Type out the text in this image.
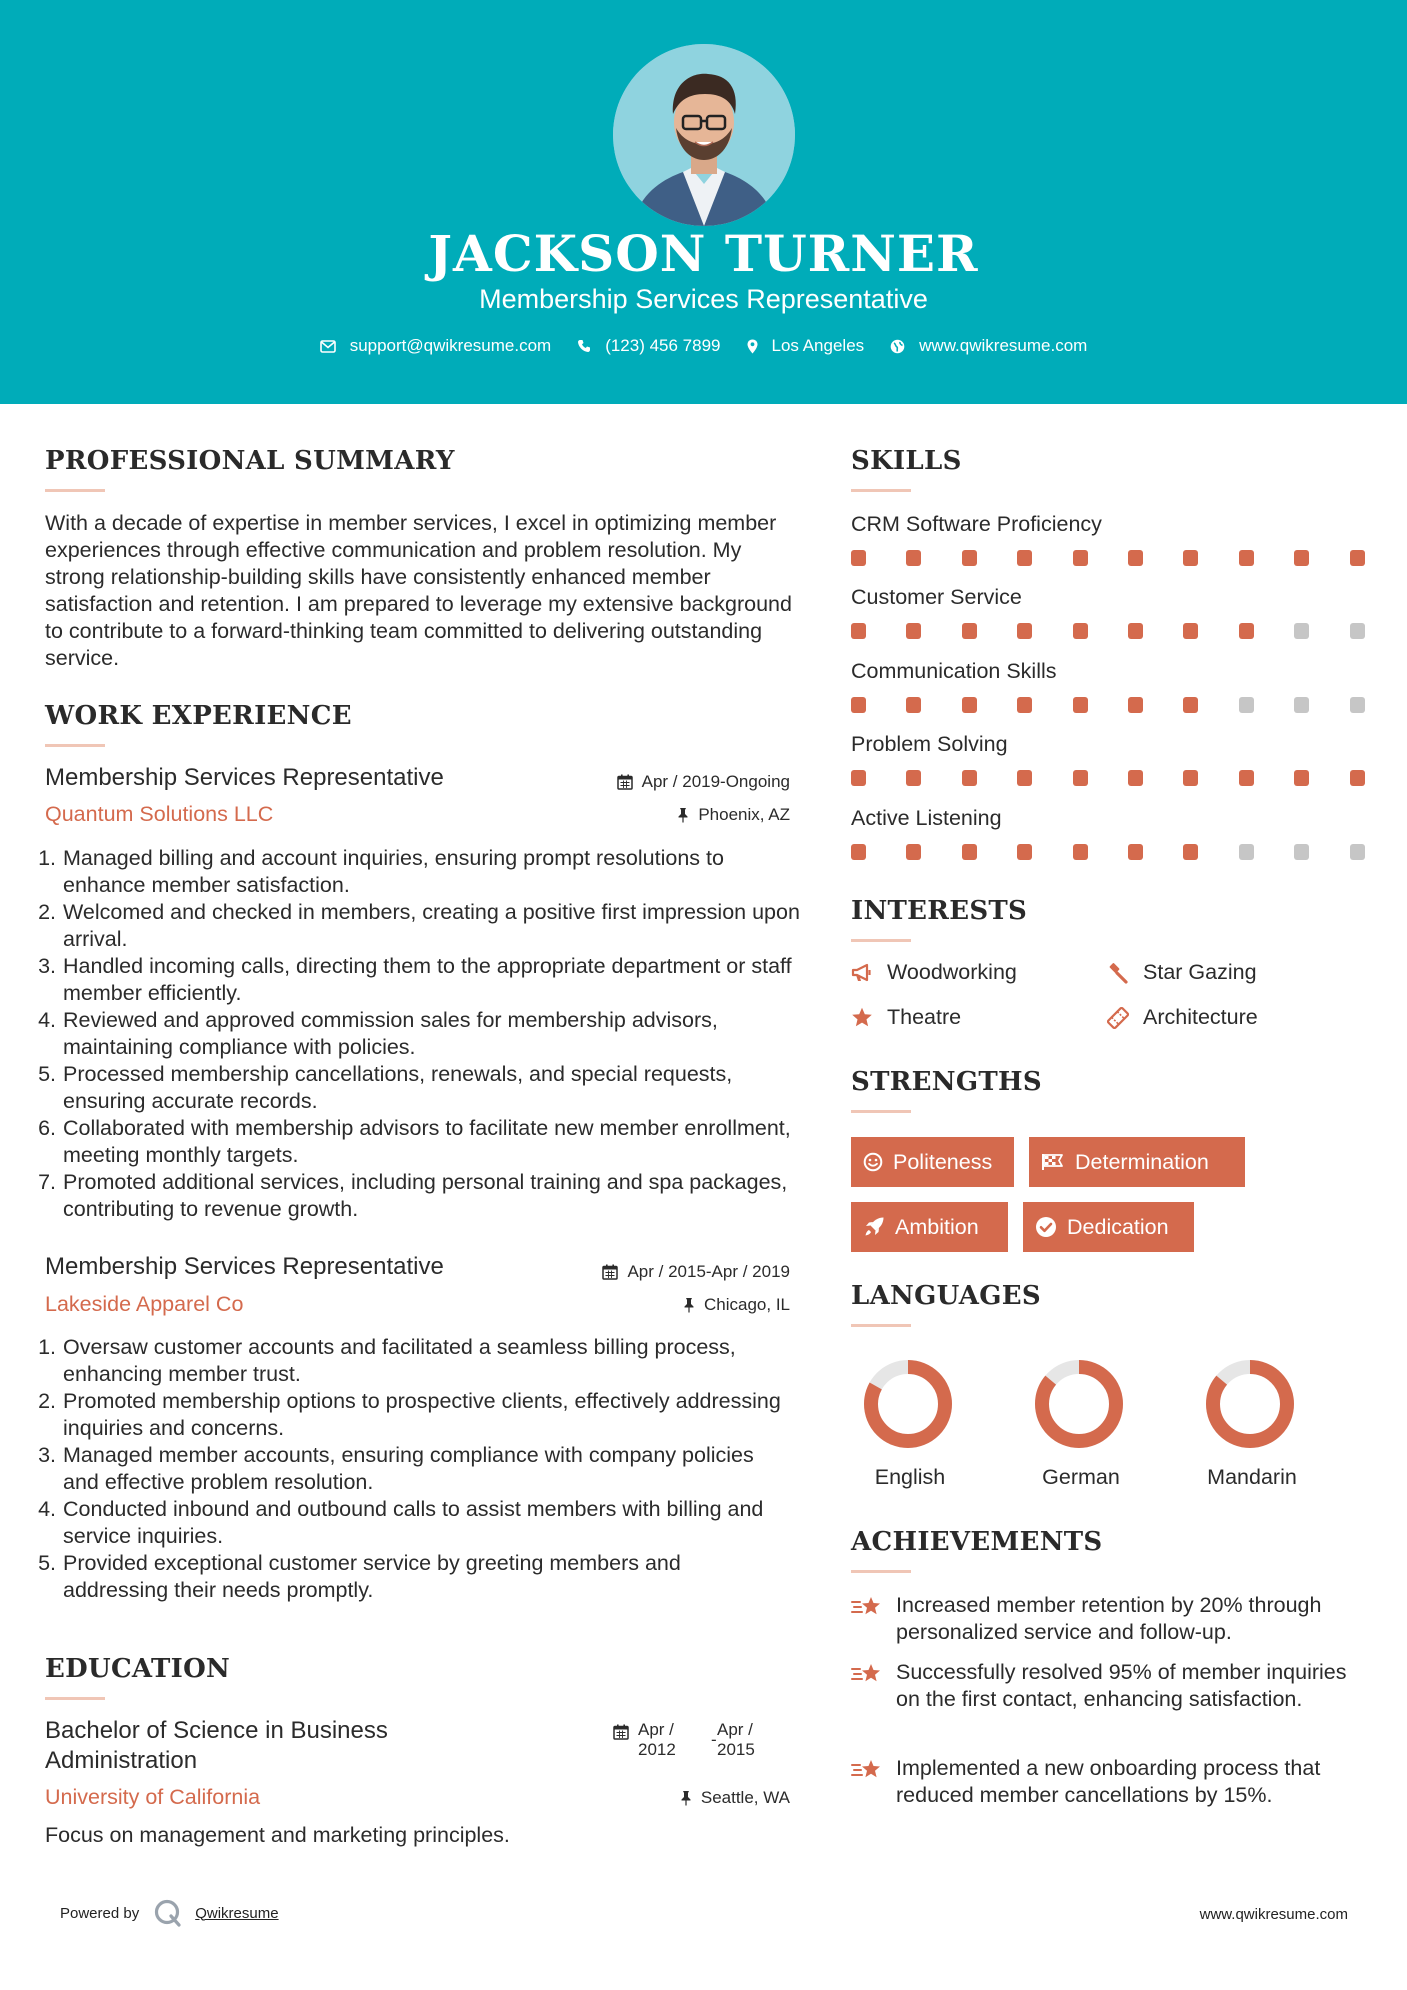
JACKSON TURNER
Membership Services Representative
support@qwikresume.com	(123) 456 7899	Los Angeles	www.qwikresume.com
PROFESSIONAL SUMMARY
With a decade of expertise in member services, I excel in optimizing member experiences through effective communication and problem resolution. My strong relationship-building skills have consistently enhanced member satisfaction and retention. I am prepared to leverage my extensive background to contribute to a forward-thinking team committed to delivering outstanding service.
WORK EXPERIENCE
Membership Services Representative	Apr / 2019-Ongoing
Quantum Solutions LLC	Phoenix, AZ
1. Managed billing and account inquiries, ensuring prompt resolutions to enhance member satisfaction.
2. Welcomed and checked in members, creating a positive first impression upon arrival.
3. Handled incoming calls, directing them to the appropriate department or staff member efficiently.
4. Reviewed and approved commission sales for membership advisors, maintaining compliance with policies.
5. Processed membership cancellations, renewals, and special requests, ensuring accurate records.
6. Collaborated with membership advisors to facilitate new member enrollment, meeting monthly targets.
7. Promoted additional services, including personal training and spa packages, contributing to revenue growth.
Membership Services Representative	Apr / 2015-Apr / 2019
Lakeside Apparel Co	Chicago, IL
1. Oversaw customer accounts and facilitated a seamless billing process, enhancing member trust.
2. Promoted membership options to prospective clients, effectively addressing inquiries and concerns.
3. Managed member accounts, ensuring compliance with company policies and effective problem resolution.
4. Conducted inbound and outbound calls to assist members with billing and service inquiries.
5. Provided exceptional customer service by greeting members and addressing their needs promptly.
EDUCATION
Bachelor of Science in Business Administration
Apr /
2012
-
Apr /
2015
University of California	Seattle, WA
Focus on management and marketing principles.
SKILLS
CRM Software Proficiency
Customer Service
Communication Skills
Problem Solving
Active Listening
INTERESTS
Woodworking	Star Gazing
Theatre	Architecture
STRENGTHS
Politeness	Determination
Ambition	Dedication
LANGUAGES
English	German	Mandarin
ACHIEVEMENTS
Increased member retention by 20% through personalized service and follow-up.
Successfully resolved 95% of member inquiries on the first contact, enhancing satisfaction.
Implemented a new onboarding process that reduced member cancellations by 15%.
Powered by	Qwikresume	www.qwikresume.com
